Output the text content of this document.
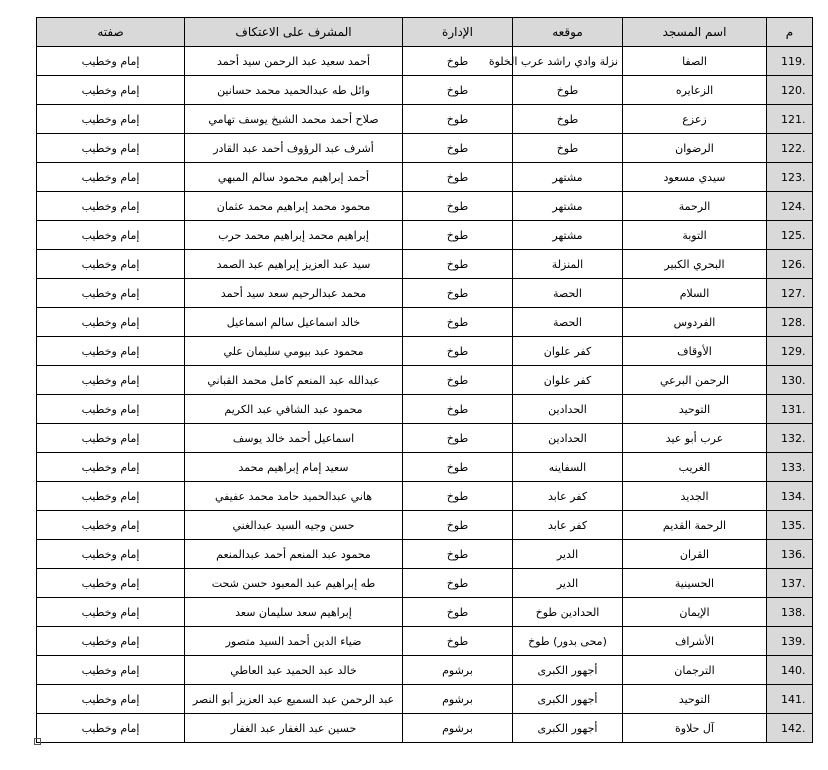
م	اسم المسجد	موقعه	الإدارة	المشرف على الاعتكاف	صفته
119.	الصفا	نزلة وادي راشد عرب الخلوة	طوخ	أحمد سعيد عبد الرحمن سيد أحمد	إمام وخطيب
120.	الزعايره	طوخ	طوخ	وائل طه عبدالحميد محمد حسانين	إمام وخطيب
121.	زعزع	طوخ	طوخ	صلاح أحمد محمد الشيخ يوسف تهامي	إمام وخطيب
122.	الرضوان	طوخ	طوخ	أشرف عبد الرؤوف أحمد عبد القادر	إمام وخطيب
123.	سيدي مسعود	مشتهر	طوخ	أحمد إبراهيم محمود سالم المبهي	إمام وخطيب
124.	الرحمة	مشتهر	طوخ	محمود محمد إبراهيم محمد عثمان	إمام وخطيب
125.	التوبة	مشتهر	طوخ	إبراهيم محمد إبراهيم محمد حرب	إمام وخطيب
126.	البحري الكبير	المنزلة	طوخ	سيد عبد العزيز إبراهيم عبد الصمد	إمام وخطيب
127.	السلام	الحصة	طوخ	محمد عبدالرحيم سعد سيد أحمد	إمام وخطيب
128.	الفردوس	الحصة	طوخ	خالد اسماعيل سالم اسماعيل	إمام وخطيب
129.	الأوقاف	كفر علوان	طوخ	محمود عبد بيومي سليمان علي	إمام وخطيب
130.	الرحمن البرعي	كفر علوان	طوخ	عبدالله عبد المنعم كامل محمد القباني	إمام وخطيب
131.	التوحيد	الحدادين	طوخ	محمود عبد الشافي عبد الكريم	إمام وخطيب
132.	عرب أبو عيد	الحدادين	طوخ	اسماعيل أحمد خالد يوسف	إمام وخطيب
133.	الغريب	السفاينه	طوخ	سعيد إمام إبراهيم محمد	إمام وخطيب
134.	الجديد	كفر عابد	طوخ	هاني عبدالحميد حامد محمد عفيفي	إمام وخطيب
135.	الرحمة القديم	كفر عابد	طوخ	حسن وجيه السيد عبدالغني	إمام وخطيب
136.	القران	الدير	طوخ	محمود عبد المنعم أحمد عبدالمنعم	إمام وخطيب
137.	الحسينية	الدير	طوخ	طه إبراهيم عبد المعبود حسن شحت	إمام وخطيب
138.	الإيمان	الحدادين طوخ	طوخ	إبراهيم سعد سليمان سعد	إمام وخطيب
139.	الأشراف	(محى بدور) طوخ	طوخ	ضياء الدين أحمد السيد متصور	إمام وخطيب
140.	الترجمان	أجهور الكبرى	برشوم	خالد عبد الحميد عبد العاطي	إمام وخطيب
141.	التوحيد	أجهور الكبرى	برشوم	عبد الرحمن عبد السميع عبد العزيز أبو النصر	إمام وخطيب
142.	آل حلاوة	أجهور الكبرى	برشوم	حسين عبد الغفار عبد الغفار	إمام وخطيب
